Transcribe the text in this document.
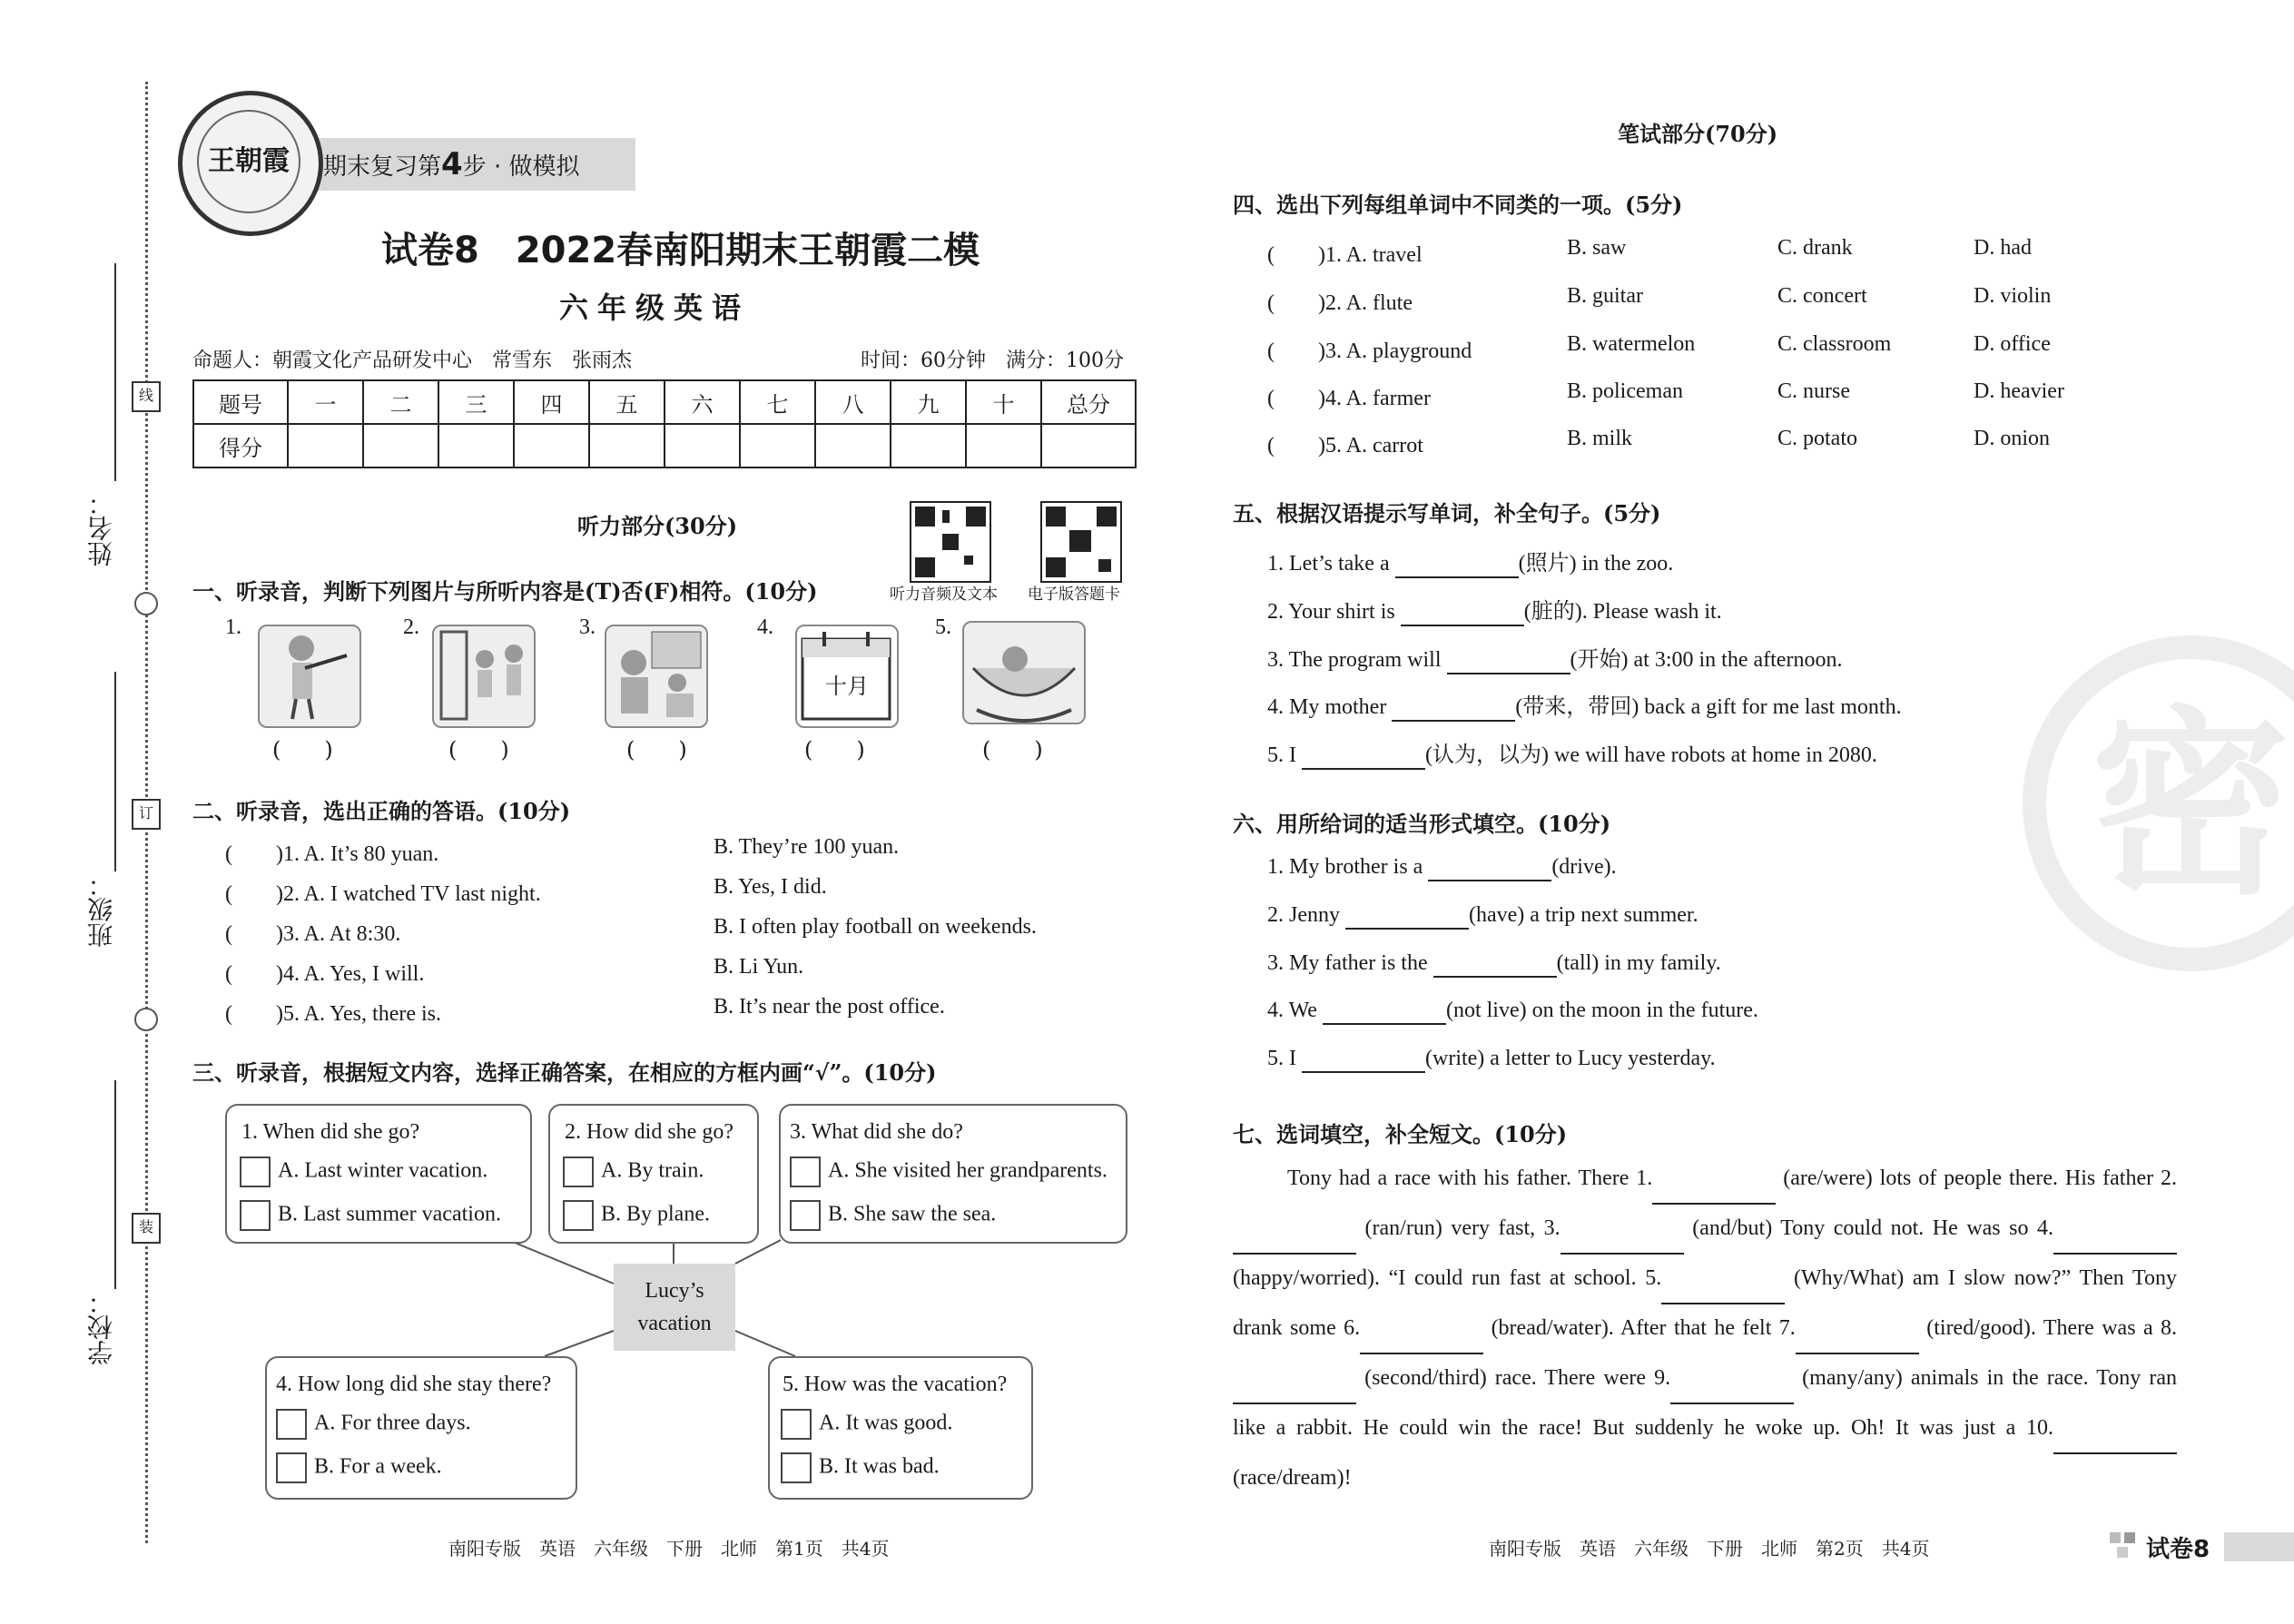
姓名：
班级：
学校：
线
订
装
期末复习第4步 · 做模拟
王朝霞
试卷8　2022春南阳期末王朝霞二模
六年级英语
命题人：朝霞文化产品研发中心　常雪东　张雨杰	时间：60分钟　满分：100分
题号	一	二	三	四	五	六	七	八	九	十	总分
得分											
听力部分(30分)
听力音频及文本 电子版答题卡
一、听录音，判断下列图片与所听内容是(T)否(F)相符。(10分)
1.	2.	3.	4.
十月
5.
(　　)	(　　)	(　　)	(　　)	(　　)
二、听录音，选出正确的答语。(10分)
(　　)1. A. It’s 80 yuan.	B. They’re 100 yuan.
(　　)2. A. I watched TV last night.	B. Yes, I did.
(　　)3. A. At 8:30.	B. I often play football on weekends.
(　　)4. A. Yes, I will.	B. Li Yun.
(　　)5. A. Yes, there is.	B. It’s near the post office.
三、听录音，根据短文内容，选择正确答案，在相应的方框内画“√”。(10分)
1. When did she go?
A. Last winter vacation.
B. Last summer vacation.
2. How did she go?
A. By train.
B. By plane.
3. What did she do?
A. She visited her grandparents.
B. She saw the sea.
Lucy’s
vacation
4. How long did she stay there?
A. For three days.
B. For a week.
5. How was the vacation?
A. It was good.
B. It was bad.
南阳专版　英语　六年级　下册　北师　第1页　共4页
密
笔试部分(70分)
四、选出下列每组单词中不同类的一项。(5分)
(　　)1. A. travel	B. saw	C. drank	D. had
(　　)2. A. flute	B. guitar	C. concert	D. violin
(　　)3. A. playground	B. watermelon	C. classroom	D. office
(　　)4. A. farmer	B. policeman	C. nurse	D. heavier
(　　)5. A. carrot	B. milk	C. potato	D. onion
五、根据汉语提示写单词，补全句子。(5分)
1. Let’s take a	(照片) in the zoo.
2. Your shirt is	(脏的). Please wash it.
3. The program will	(开始) at 3:00 in the afternoon.
4. My mother	(带来，带回) back a gift for me last month.
5. I	(认为，以为) we will have robots at home in 2080.
六、用所给词的适当形式填空。(10分)
1. My brother is a	(drive).
2. Jenny	(have) a trip next summer.
3. My father is the	(tall) in my family.
4. We	(not live) on the moon in the future.
5. I	(write) a letter to Lucy yesterday.
七、选词填空，补全短文。(10分)
Tony had a race with his father. There 1.	(are/were) lots of people there. His father 2.  (ran/run) very fast, 3.	(and/but) Tony could not. He was so 4.  (happy/worried). “I could run fast at school. 5.	(Why/What) am I slow now?” Then Tony drank some 6.	(bread/water). After that he felt 7.	(tired/good). There was a 8.  (second/third) race. There were 9.	(many/any) animals in the race. Tony ran like a rabbit. He could win the race! But suddenly he woke up. Oh! It was just a 10.  (race/dream)!
南阳专版　英语　六年级　下册　北师　第2页　共4页	试卷8
